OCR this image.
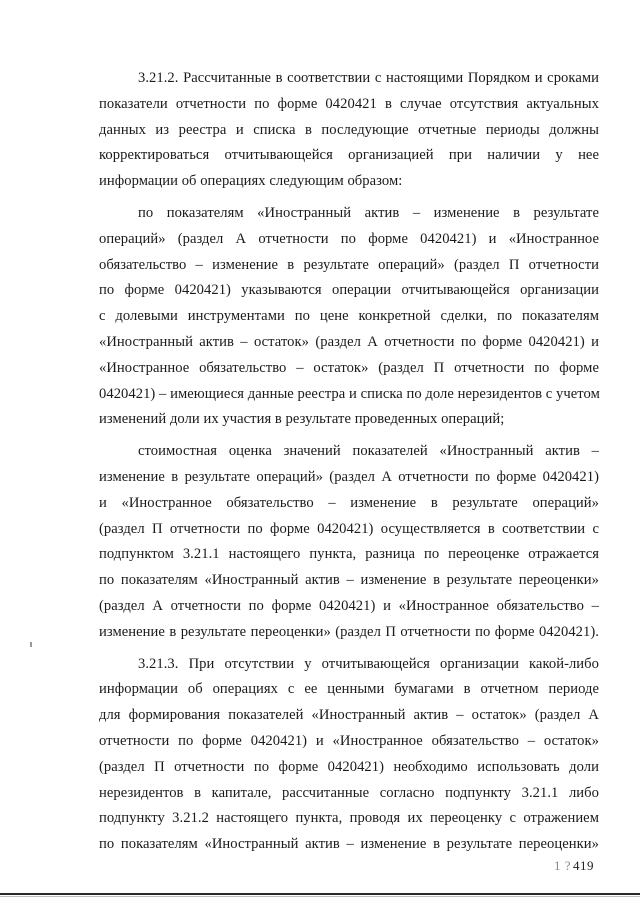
3.21.2. Рассчитанные в соответствии с настоящими Порядком и сроками
показатели отчетности по форме 0420421 в случае отсутствия актуальных
данных из реестра и списка в последующие отчетные периоды должны
корректироваться отчитывающейся организацией при наличии у нее
информации об операциях следующим образом:
по показателям «Иностранный актив – изменение в результате
операций» (раздел А отчетности по форме 0420421) и «Иностранное
обязательство – изменение в результате операций» (раздел П отчетности
по форме 0420421) указываются операции отчитывающейся организации
с долевыми инструментами по цене конкретной сделки, по показателям
«Иностранный актив – остаток» (раздел А отчетности по форме 0420421) и
«Иностранное обязательство – остаток» (раздел П отчетности по форме
0420421) – имеющиеся данные реестра и списка по доле нерезидентов с учетом
изменений доли их участия в результате проведенных операций;
стоимостная оценка значений показателей «Иностранный актив –
изменение в результате операций» (раздел А отчетности по форме 0420421)
и «Иностранное обязательство – изменение в результате операций»
(раздел П отчетности по форме 0420421) осуществляется в соответствии с
подпунктом 3.21.1 настоящего пункта, разница по переоценке отражается
по показателям «Иностранный актив – изменение в результате переоценки»
(раздел А отчетности по форме 0420421) и «Иностранное обязательство –
изменение в результате переоценки» (раздел П отчетности по форме 0420421).
3.21.3. При отсутствии у отчитывающейся организации какой-либо
информации об операциях с ее ценными бумагами в отчетном периоде
для формирования показателей «Иностранный актив – остаток» (раздел А
отчетности по форме 0420421) и «Иностранное обязательство – остаток»
(раздел П отчетности по форме 0420421) необходимо использовать доли
нерезидентов в капитале, рассчитанные согласно подпункту 3.21.1 либо
подпункту 3.21.2 настоящего пункта, проводя их переоценку с отражением
по показателям «Иностранный актив – изменение в результате переоценки»
1 ? 419
